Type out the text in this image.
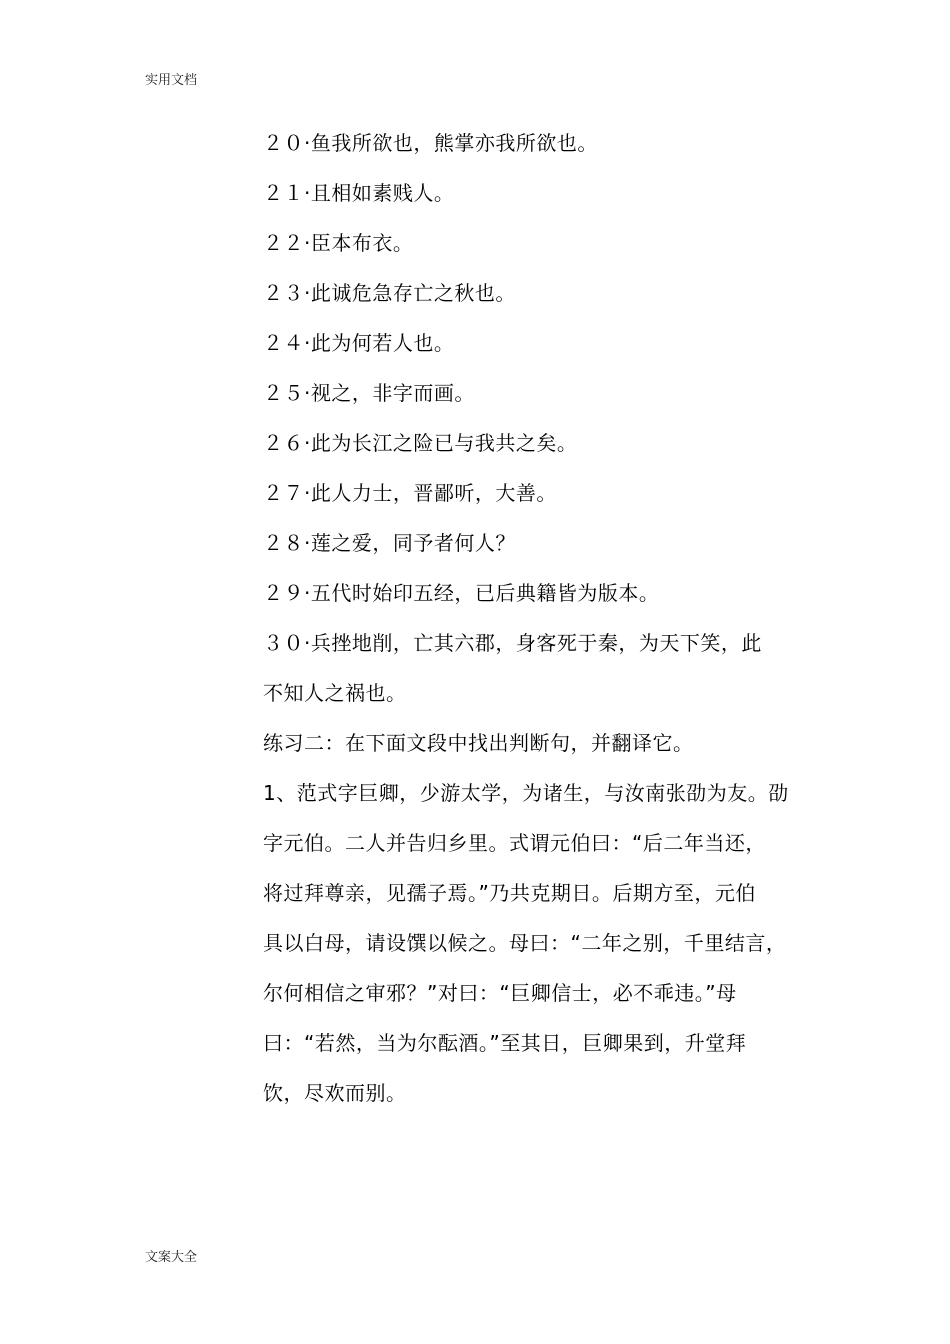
实用文档
２０·鱼我所欲也，熊掌亦我所欲也。
２１·且相如素贱人。
２２·臣本布衣。
２３·此诚危急存亡之秋也。
２４·此为何若人也。
２５·视之，非字而画。
２６·此为长江之险已与我共之矣。
２７·此人力士，晋鄙听，大善。
２８·莲之爱，同予者何人？
２９·五代时始印五经，已后典籍皆为版本。
３０·兵挫地削，亡其六郡，身客死于秦，为天下笑，此
不知人之祸也。
练习二：在下面文段中找出判断句，并翻译它。
1、范式字巨卿，少游太学，为诸生，与汝南张劭为友。劭
字元伯。二人并告归乡里。式谓元伯曰：“后二年当还，
将过拜尊亲，见孺子焉。”乃共克期日。后期方至，元伯
具以白母，请设馔以候之。母曰：“二年之别，千里结言，
尔何相信之审邪？”对曰：“巨卿信士，必不乖违。”母
曰：“若然，当为尔酝酒。”至其日，巨卿果到，升堂拜
饮，尽欢而别。
文案大全
